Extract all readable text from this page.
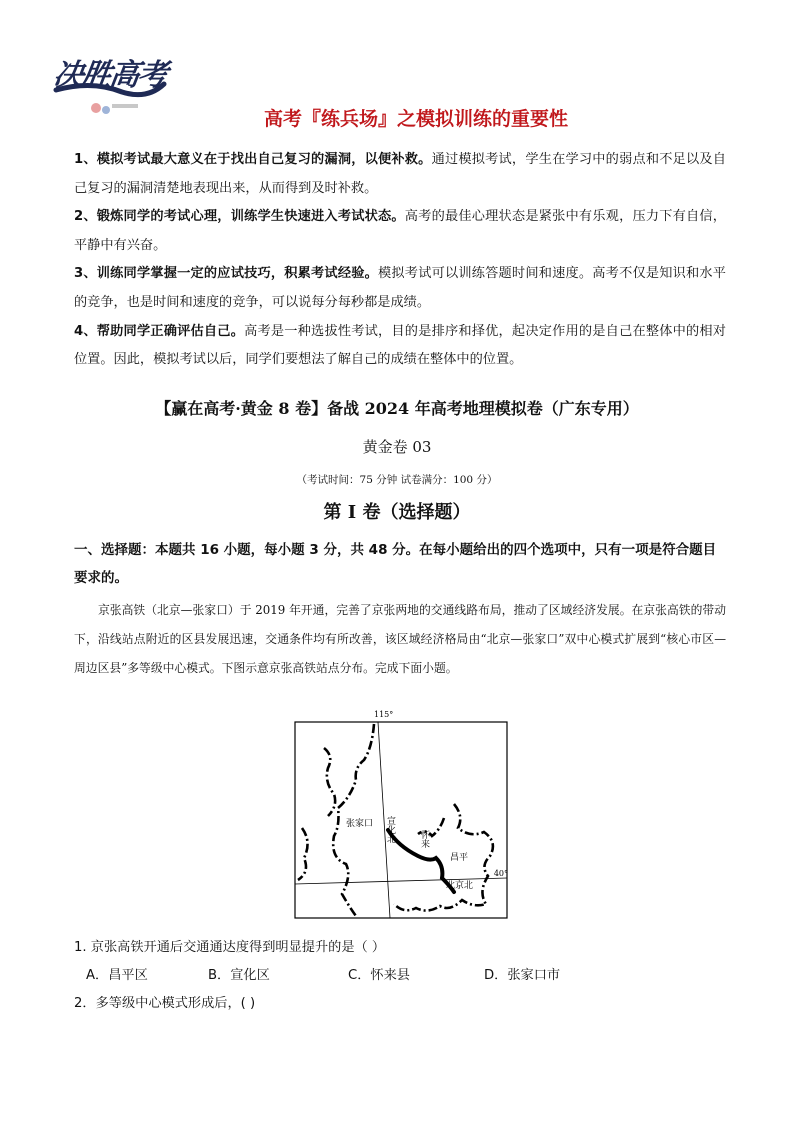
决胜高考
高考『练兵场』之模拟训练的重要性

1、模拟考试最大意义在于找出自己复习的漏洞，以便补救。通过模拟考试，学生在学习中的弱点和不足以及自己复习的漏洞清楚地表现出来，从而得到及时补救。

2、锻炼同学的考试心理，训练学生快速进入考试状态。高考的最佳心理状态是紧张中有乐观，压力下有自信，平静中有兴奋。

3、训练同学掌握一定的应试技巧，积累考试经验。模拟考试可以训练答题时间和速度。高考不仅是知识和水平的竞争，也是时间和速度的竞争，可以说每分每秒都是成绩。

4、帮助同学正确评估自己。高考是一种选拔性考试，目的是排序和择优，起决定作用的是自己在整体中的相对位置。因此，模拟考试以后，同学们要想法了解自己的成绩在整体中的位置。

【赢在高考·黄金 8 卷】备战 2024 年高考地理模拟卷（广东专用）
黄金卷 03
（考试时间：75 分钟 试卷满分：100 分）
第 I 卷（选择题）
一、选择题：本题共 16 小题，每小题 3 分，共 48 分。在每小题给出的四个选项中，只有一项是符合题目要求的。
京张高铁（北京—张家口）于 2019 年开通，完善了京张两地的交通线路布局，推动了区域经济发展。在京张高铁的带动下，沿线站点附近的区县发展迅速，交通条件均有所改善，该区域经济格局由“北京—张家口”双中心模式扩展到“核心市区—周边区县”多等级中心模式。下图示意京张高铁站点分布。完成下面小题。
115°
40°
张家口 宣化北	怀来
昌平
北京北
1. 京张高铁开通后交通通达度得到明显提升的是（ ）
A．昌平区	B．宣化区	C．怀来县	D．张家口市
2．多等级中心模式形成后，( )
